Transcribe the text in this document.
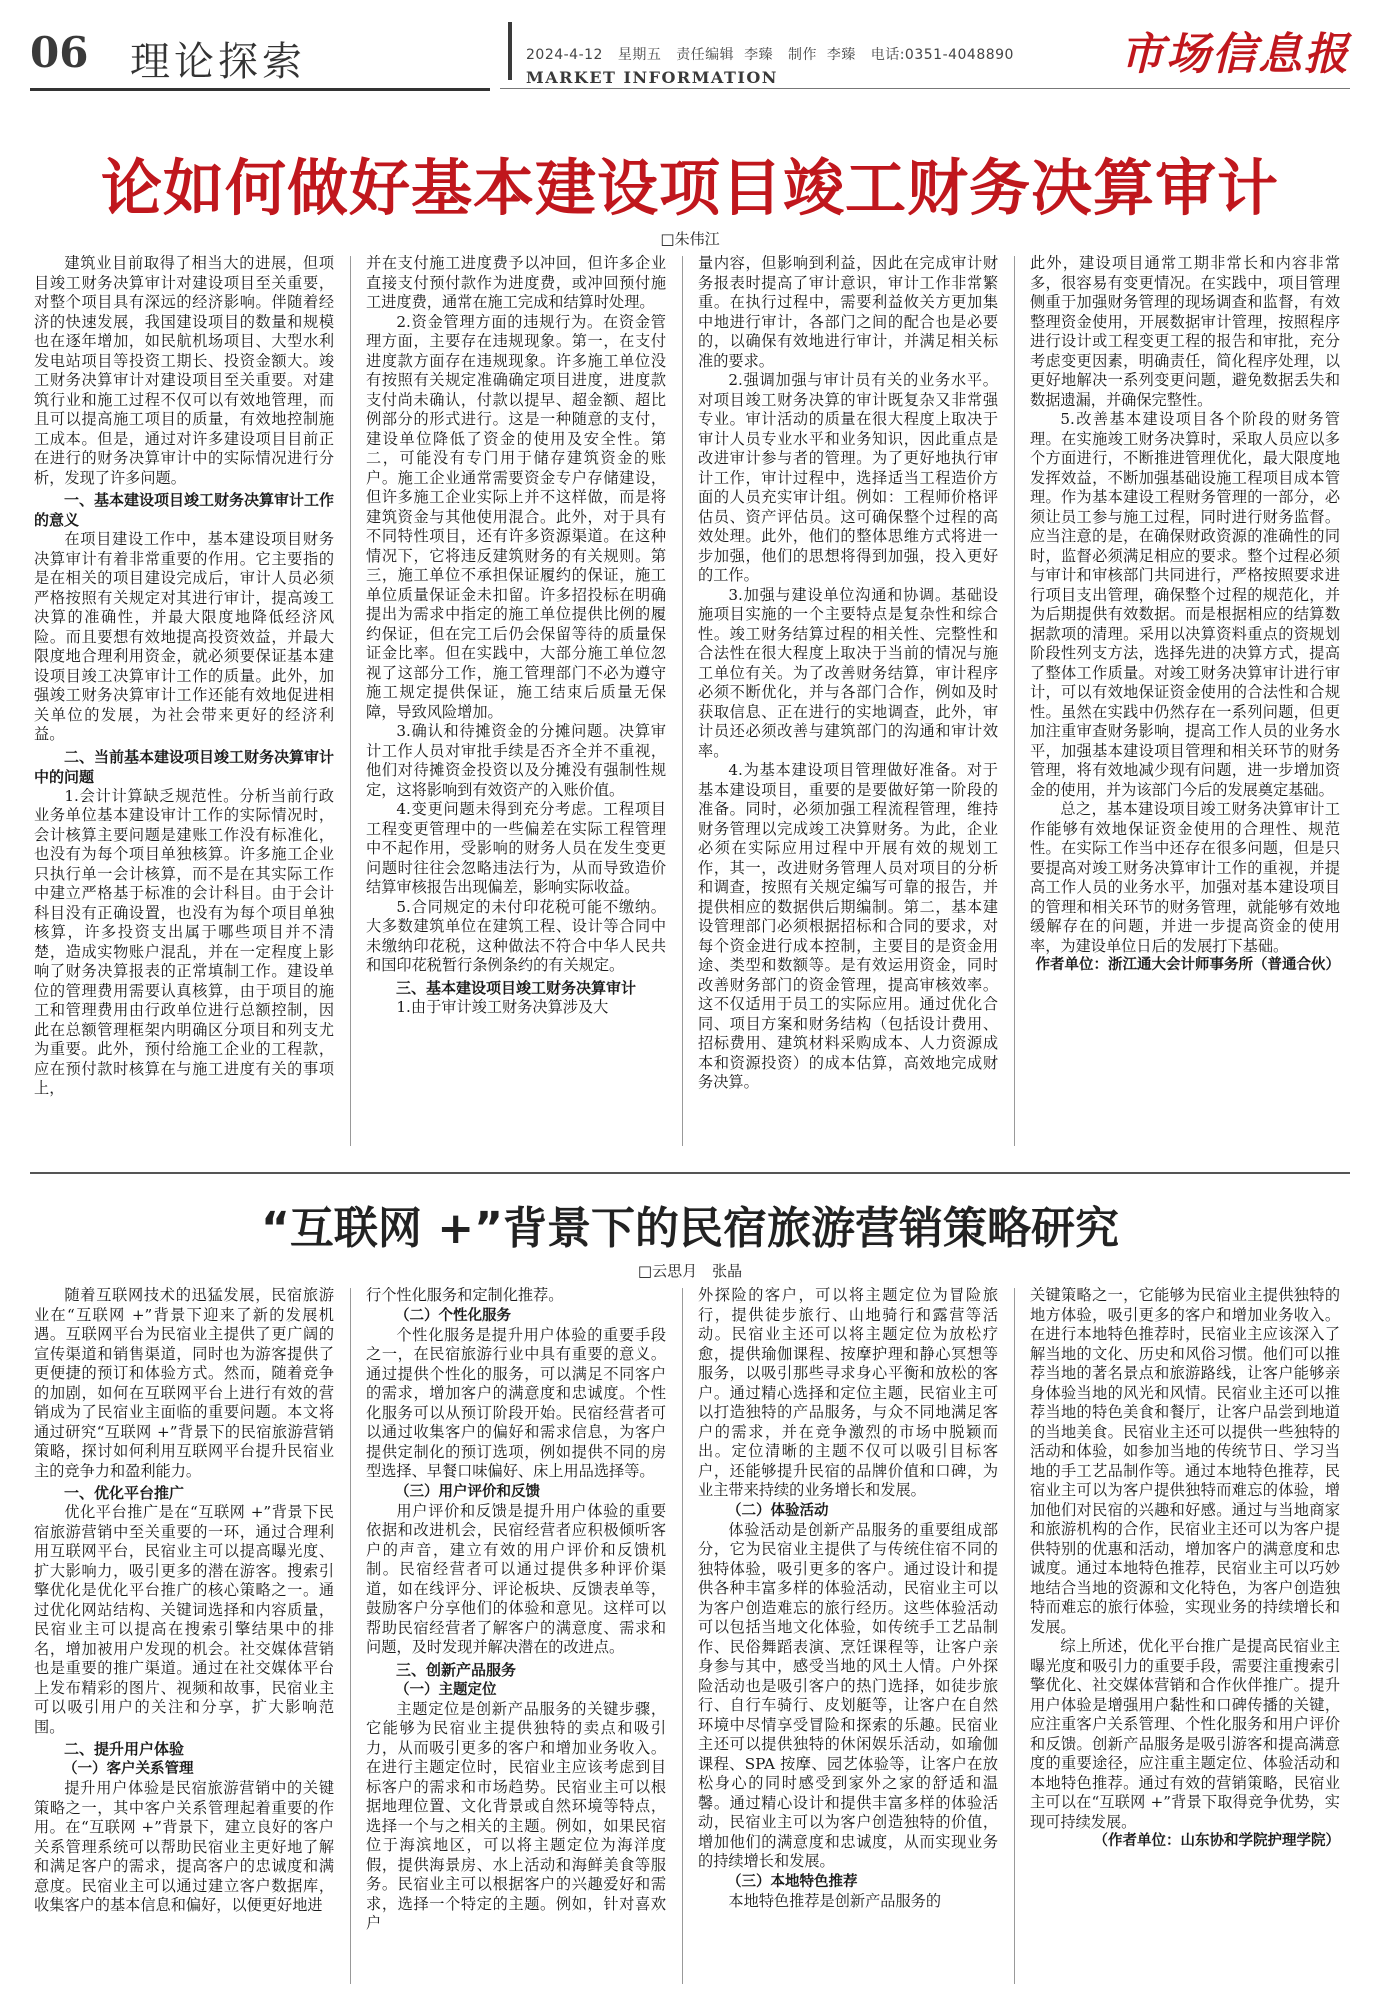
06 理论探索	2024-4-12 星期五 责任编辑 李臻 制作 李臻 电话:0351-4048890
MARKET INFORMATION	市场信息报
论如何做好基本建设项目竣工财务决算审计
□朱伟江

建筑业目前取得了相当大的进展，但项目竣工财务决算审计对建设项目至关重要，对整个项目具有深远的经济影响。伴随着经济的快速发展，我国建设项目的数量和规模也在逐年增加，如民航机场项目、大型水利发电站项目等投资工期长、投资金额大。竣工财务决算审计对建设项目至关重要。对建筑行业和施工过程不仅可以有效地管理，而且可以提高施工项目的质量，有效地控制施工成本。但是，通过对许多建设项目目前正在进行的财务决算审计中的实际情况进行分析，发现了许多问题。

一、基本建设项目竣工财务决算审计工作的意义

在项目建设工作中，基本建设项目财务决算审计有着非常重要的作用。它主要指的是在相关的项目建设完成后，审计人员必须严格按照有关规定对其进行审计，提高竣工决算的准确性，并最大限度地降低经济风险。而且要想有效地提高投资效益，并最大限度地合理利用资金，就必须要保证基本建设项目竣工决算审计工作的质量。此外，加强竣工财务决算审计工作还能有效地促进相关单位的发展，为社会带来更好的经济利益。

二、当前基本建设项目竣工财务决算审计中的问题

1.会计计算缺乏规范性。分析当前行政业务单位基本建设审计工作的实际情况时，会计核算主要问题是建账工作没有标准化，也没有为每个项目单独核算。许多施工企业只执行单一会计核算，而不是在其实际工作中建立严格基于标准的会计科目。由于会计科目没有正确设置，也没有为每个项目单独核算，许多投资支出属于哪些项目并不清楚，造成实物账户混乱，并在一定程度上影响了财务决算报表的正常填制工作。建设单位的管理费用需要认真核算，由于项目的施工和管理费用由行政单位进行总额控制，因此在总额管理框架内明确区分项目和列支尤为重要。此外，预付给施工企业的工程款，应在预付款时核算在与施工进度有关的事项上，

并在支付施工进度费予以冲回，但许多企业直接支付预付款作为进度费，或冲回预付施工进度费，通常在施工完成和结算时处理。

2.资金管理方面的违规行为。在资金管理方面，主要存在违规现象。第一，在支付进度款方面存在违规现象。许多施工单位没有按照有关规定准确确定项目进度，进度款支付尚未确认，付款以提早、超金额、超比例部分的形式进行。这是一种随意的支付，建设单位降低了资金的使用及安全性。第二，可能没有专门用于储存建筑资金的账户。施工企业通常需要资金专户存储建设，但许多施工企业实际上并不这样做，而是将建筑资金与其他使用混合。此外，对于具有不同特性项目，还有许多资源渠道。在这种情况下，它将违反建筑财务的有关规则。第三，施工单位不承担保证履约的保证，施工单位质量保证金未扣留。许多招投标在明确提出为需求中指定的施工单位提供比例的履约保证，但在完工后仍会保留等待的质量保证金比率。但在实践中，大部分施工单位忽视了这部分工作，施工管理部门不必为遵守施工规定提供保证，施工结束后质量无保障，导致风险增加。

3.确认和待摊资金的分摊问题。决算审计工作人员对审批手续是否齐全并不重视，他们对待摊资金投资以及分摊没有强制性规定，这将影响到有效资产的入账价值。

4.变更问题未得到充分考虑。工程项目工程变更管理中的一些偏差在实际工程管理中不起作用，受影响的财务人员在发生变更问题时往往会忽略违法行为，从而导致造价结算审核报告出现偏差，影响实际收益。

5.合同规定的未付印花税可能不缴纳。大多数建筑单位在建筑工程、设计等合同中未缴纳印花税，这种做法不符合中华人民共和国印花税暂行条例条约的有关规定。

三、基本建设项目竣工财务决算审计

1.由于审计竣工财务决算涉及大

量内容，但影响到利益，因此在完成审计财务报表时提高了审计意识，审计工作非常繁重。在执行过程中，需要利益攸关方更加集中地进行审计，各部门之间的配合也是必要的，以确保有效地进行审计，并满足相关标准的要求。

2.强调加强与审计员有关的业务水平。对项目竣工财务决算的审计既复杂又非常强专业。审计活动的质量在很大程度上取决于审计人员专业水平和业务知识，因此重点是改进审计参与者的管理。为了更好地执行审计工作，审计过程中，选择适当工程造价方面的人员充实审计组。例如：工程师价格评估员、资产评估员。这可确保整个过程的高效处理。此外，他们的整体思维方式将进一步加强，他们的思想将得到加强，投入更好的工作。

3.加强与建设单位沟通和协调。基础设施项目实施的一个主要特点是复杂性和综合性。竣工财务结算过程的相关性、完整性和合法性在很大程度上取决于当前的情况与施工单位有关。为了改善财务结算，审计程序必须不断优化，并与各部门合作，例如及时获取信息、正在进行的实地调查，此外，审计员还必须改善与建筑部门的沟通和审计效率。

4.为基本建设项目管理做好准备。对于基本建设项目，重要的是要做好第一阶段的准备。同时，必须加强工程流程管理，维持财务管理以完成竣工决算财务。为此，企业必须在实际应用过程中开展有效的规划工作，其一，改进财务管理人员对项目的分析和调查，按照有关规定编写可靠的报告，并提供相应的数据供后期编制。第二，基本建设管理部门必须根据招标和合同的要求，对每个资金进行成本控制，主要目的是资金用途、类型和数额等。是有效运用资金，同时改善财务部门的资金管理，提高审核效率。这不仅适用于员工的实际应用。通过优化合同、项目方案和财务结构（包括设计费用、招标费用、建筑材料采购成本、人力资源成本和资源投资）的成本估算，高效地完成财务决算。

此外，建设项目通常工期非常长和内容非常多，很容易有变更情况。在实践中，项目管理侧重于加强财务管理的现场调查和监督，有效整理资金使用，开展数据审计管理，按照程序进行设计或工程变更工程的报告和审批，充分考虑变更因素，明确责任，简化程序处理，以更好地解决一系列变更问题，避免数据丢失和数据遗漏，并确保完整性。

5.改善基本建设项目各个阶段的财务管理。在实施竣工财务决算时，采取人员应以多个方面进行，不断推进管理优化，最大限度地发挥效益，不断加强基础设施工程项目成本管理。作为基本建设工程财务管理的一部分，必须让员工参与施工过程，同时进行财务监督。应当注意的是，在确保财政资源的准确性的同时，监督必须满足相应的要求。整个过程必须与审计和审核部门共同进行，严格按照要求进行项目支出管理，确保整个过程的规范化，并为后期提供有效数据。而是根据相应的结算数据款项的清理。采用以决算资料重点的资规划阶段性列支方法，选择先进的决算方式，提高了整体工作质量。对竣工财务决算审计进行审计，可以有效地保证资金使用的合法性和合规性。虽然在实践中仍然存在一系列问题，但更加注重审查财务影响，提高工作人员的业务水平，加强基本建设项目管理和相关环节的财务管理，将有效地减少现有问题，进一步增加资金的使用，并为该部门今后的发展奠定基础。

总之，基本建设项目竣工财务决算审计工作能够有效地保证资金使用的合理性、规范性。在实际工作当中还存在很多问题，但是只要提高对竣工财务决算审计工作的重视，并提高工作人员的业务水平，加强对基本建设项目的管理和相关环节的财务管理，就能够有效地缓解存在的问题，并进一步提高资金的使用率，为建设单位日后的发展打下基础。

作者单位：浙江通大会计师事务所（普通合伙）

“互联网 +”背景下的民宿旅游营销策略研究
□云思月　张晶

随着互联网技术的迅猛发展，民宿旅游业在“互联网 +”背景下迎来了新的发展机遇。互联网平台为民宿业主提供了更广阔的宣传渠道和销售渠道，同时也为游客提供了更便捷的预订和体验方式。然而，随着竞争的加剧，如何在互联网平台上进行有效的营销成为了民宿业主面临的重要问题。本文将通过研究“互联网 +”背景下的民宿旅游营销策略，探讨如何利用互联网平台提升民宿业主的竞争力和盈利能力。

一、优化平台推广

优化平台推广是在“互联网 +”背景下民宿旅游营销中至关重要的一环，通过合理利用互联网平台，民宿业主可以提高曝光度、扩大影响力，吸引更多的潜在游客。搜索引擎优化是优化平台推广的核心策略之一。通过优化网站结构、关键词选择和内容质量，民宿业主可以提高在搜索引擎结果中的排名，增加被用户发现的机会。社交媒体营销也是重要的推广渠道。通过在社交媒体平台上发布精彩的图片、视频和故事，民宿业主可以吸引用户的关注和分享，扩大影响范围。

二、提升用户体验
（一）客户关系管理

提升用户体验是民宿旅游营销中的关键策略之一，其中客户关系管理起着重要的作用。在“互联网 +”背景下，建立良好的客户关系管理系统可以帮助民宿业主更好地了解和满足客户的需求，提高客户的忠诚度和满意度。民宿业主可以通过建立客户数据库，收集客户的基本信息和偏好，以便更好地进

行个性化服务和定制化推荐。

（二）个性化服务

个性化服务是提升用户体验的重要手段之一，在民宿旅游行业中具有重要的意义。通过提供个性化的服务，可以满足不同客户的需求，增加客户的满意度和忠诚度。个性化服务可以从预订阶段开始。民宿经营者可以通过收集客户的偏好和需求信息，为客户提供定制化的预订选项，例如提供不同的房型选择、早餐口味偏好、床上用品选择等。

（三）用户评价和反馈

用户评价和反馈是提升用户体验的重要依据和改进机会，民宿经营者应积极倾听客户的声音，建立有效的用户评价和反馈机制。民宿经营者可以通过提供多种评价渠道，如在线评分、评论板块、反馈表单等，鼓励客户分享他们的体验和意见。这样可以帮助民宿经营者了解客户的满意度、需求和问题，及时发现并解决潜在的改进点。

三、创新产品服务
（一）主题定位

主题定位是创新产品服务的关键步骤，它能够为民宿业主提供独特的卖点和吸引力，从而吸引更多的客户和增加业务收入。在进行主题定位时，民宿业主应该考虑到目标客户的需求和市场趋势。民宿业主可以根据地理位置、文化背景或自然环境等特点，选择一个与之相关的主题。例如，如果民宿位于海滨地区，可以将主题定位为海洋度假，提供海景房、水上活动和海鲜美食等服务。民宿业主可以根据客户的兴趣爱好和需求，选择一个特定的主题。例如，针对喜欢户

外探险的客户，可以将主题定位为冒险旅行，提供徒步旅行、山地骑行和露营等活动。民宿业主还可以将主题定位为放松疗愈，提供瑜伽课程、按摩护理和静心冥想等服务，以吸引那些寻求身心平衡和放松的客户。通过精心选择和定位主题，民宿业主可以打造独特的产品服务，与众不同地满足客户的需求，并在竞争激烈的市场中脱颖而出。定位清晰的主题不仅可以吸引目标客户，还能够提升民宿的品牌价值和口碑，为业主带来持续的业务增长和发展。

（二）体验活动

体验活动是创新产品服务的重要组成部分，它为民宿业主提供了与传统住宿不同的独特体验，吸引更多的客户。通过设计和提供各种丰富多样的体验活动，民宿业主可以为客户创造难忘的旅行经历。这些体验活动可以包括当地文化体验，如传统手工艺品制作、民俗舞蹈表演、烹饪课程等，让客户亲身参与其中，感受当地的风土人情。户外探险活动也是吸引客户的热门选择，如徒步旅行、自行车骑行、皮划艇等，让客户在自然环境中尽情享受冒险和探索的乐趣。民宿业主还可以提供独特的休闲娱乐活动，如瑜伽课程、SPA 按摩、园艺体验等，让客户在放松身心的同时感受到家外之家的舒适和温馨。通过精心设计和提供丰富多样的体验活动，民宿业主可以为客户创造独特的价值，增加他们的满意度和忠诚度，从而实现业务的持续增长和发展。

（三）本地特色推荐

本地特色推荐是创新产品服务的

关键策略之一，它能够为民宿业主提供独特的地方体验，吸引更多的客户和增加业务收入。在进行本地特色推荐时，民宿业主应该深入了解当地的文化、历史和风俗习惯。他们可以推荐当地的著名景点和旅游路线，让客户能够亲身体验当地的风光和风情。民宿业主还可以推荐当地的特色美食和餐厅，让客户品尝到地道的当地美食。民宿业主还可以提供一些独特的活动和体验，如参加当地的传统节日、学习当地的手工艺品制作等。通过本地特色推荐，民宿业主可以为客户提供独特而难忘的体验，增加他们对民宿的兴趣和好感。通过与当地商家和旅游机构的合作，民宿业主还可以为客户提供特别的优惠和活动，增加客户的满意度和忠诚度。通过本地特色推荐，民宿业主可以巧妙地结合当地的资源和文化特色，为客户创造独特而难忘的旅行体验，实现业务的持续增长和发展。

综上所述，优化平台推广是提高民宿业主曝光度和吸引力的重要手段，需要注重搜索引擎优化、社交媒体营销和合作伙伴推广。提升用户体验是增强用户黏性和口碑传播的关键，应注重客户关系管理、个性化服务和用户评价和反馈。创新产品服务是吸引游客和提高满意度的重要途径，应注重主题定位、体验活动和本地特色推荐。通过有效的营销策略，民宿业主可以在“互联网 +”背景下取得竞争优势，实现可持续发展。

（作者单位：山东协和学院护理学院）
